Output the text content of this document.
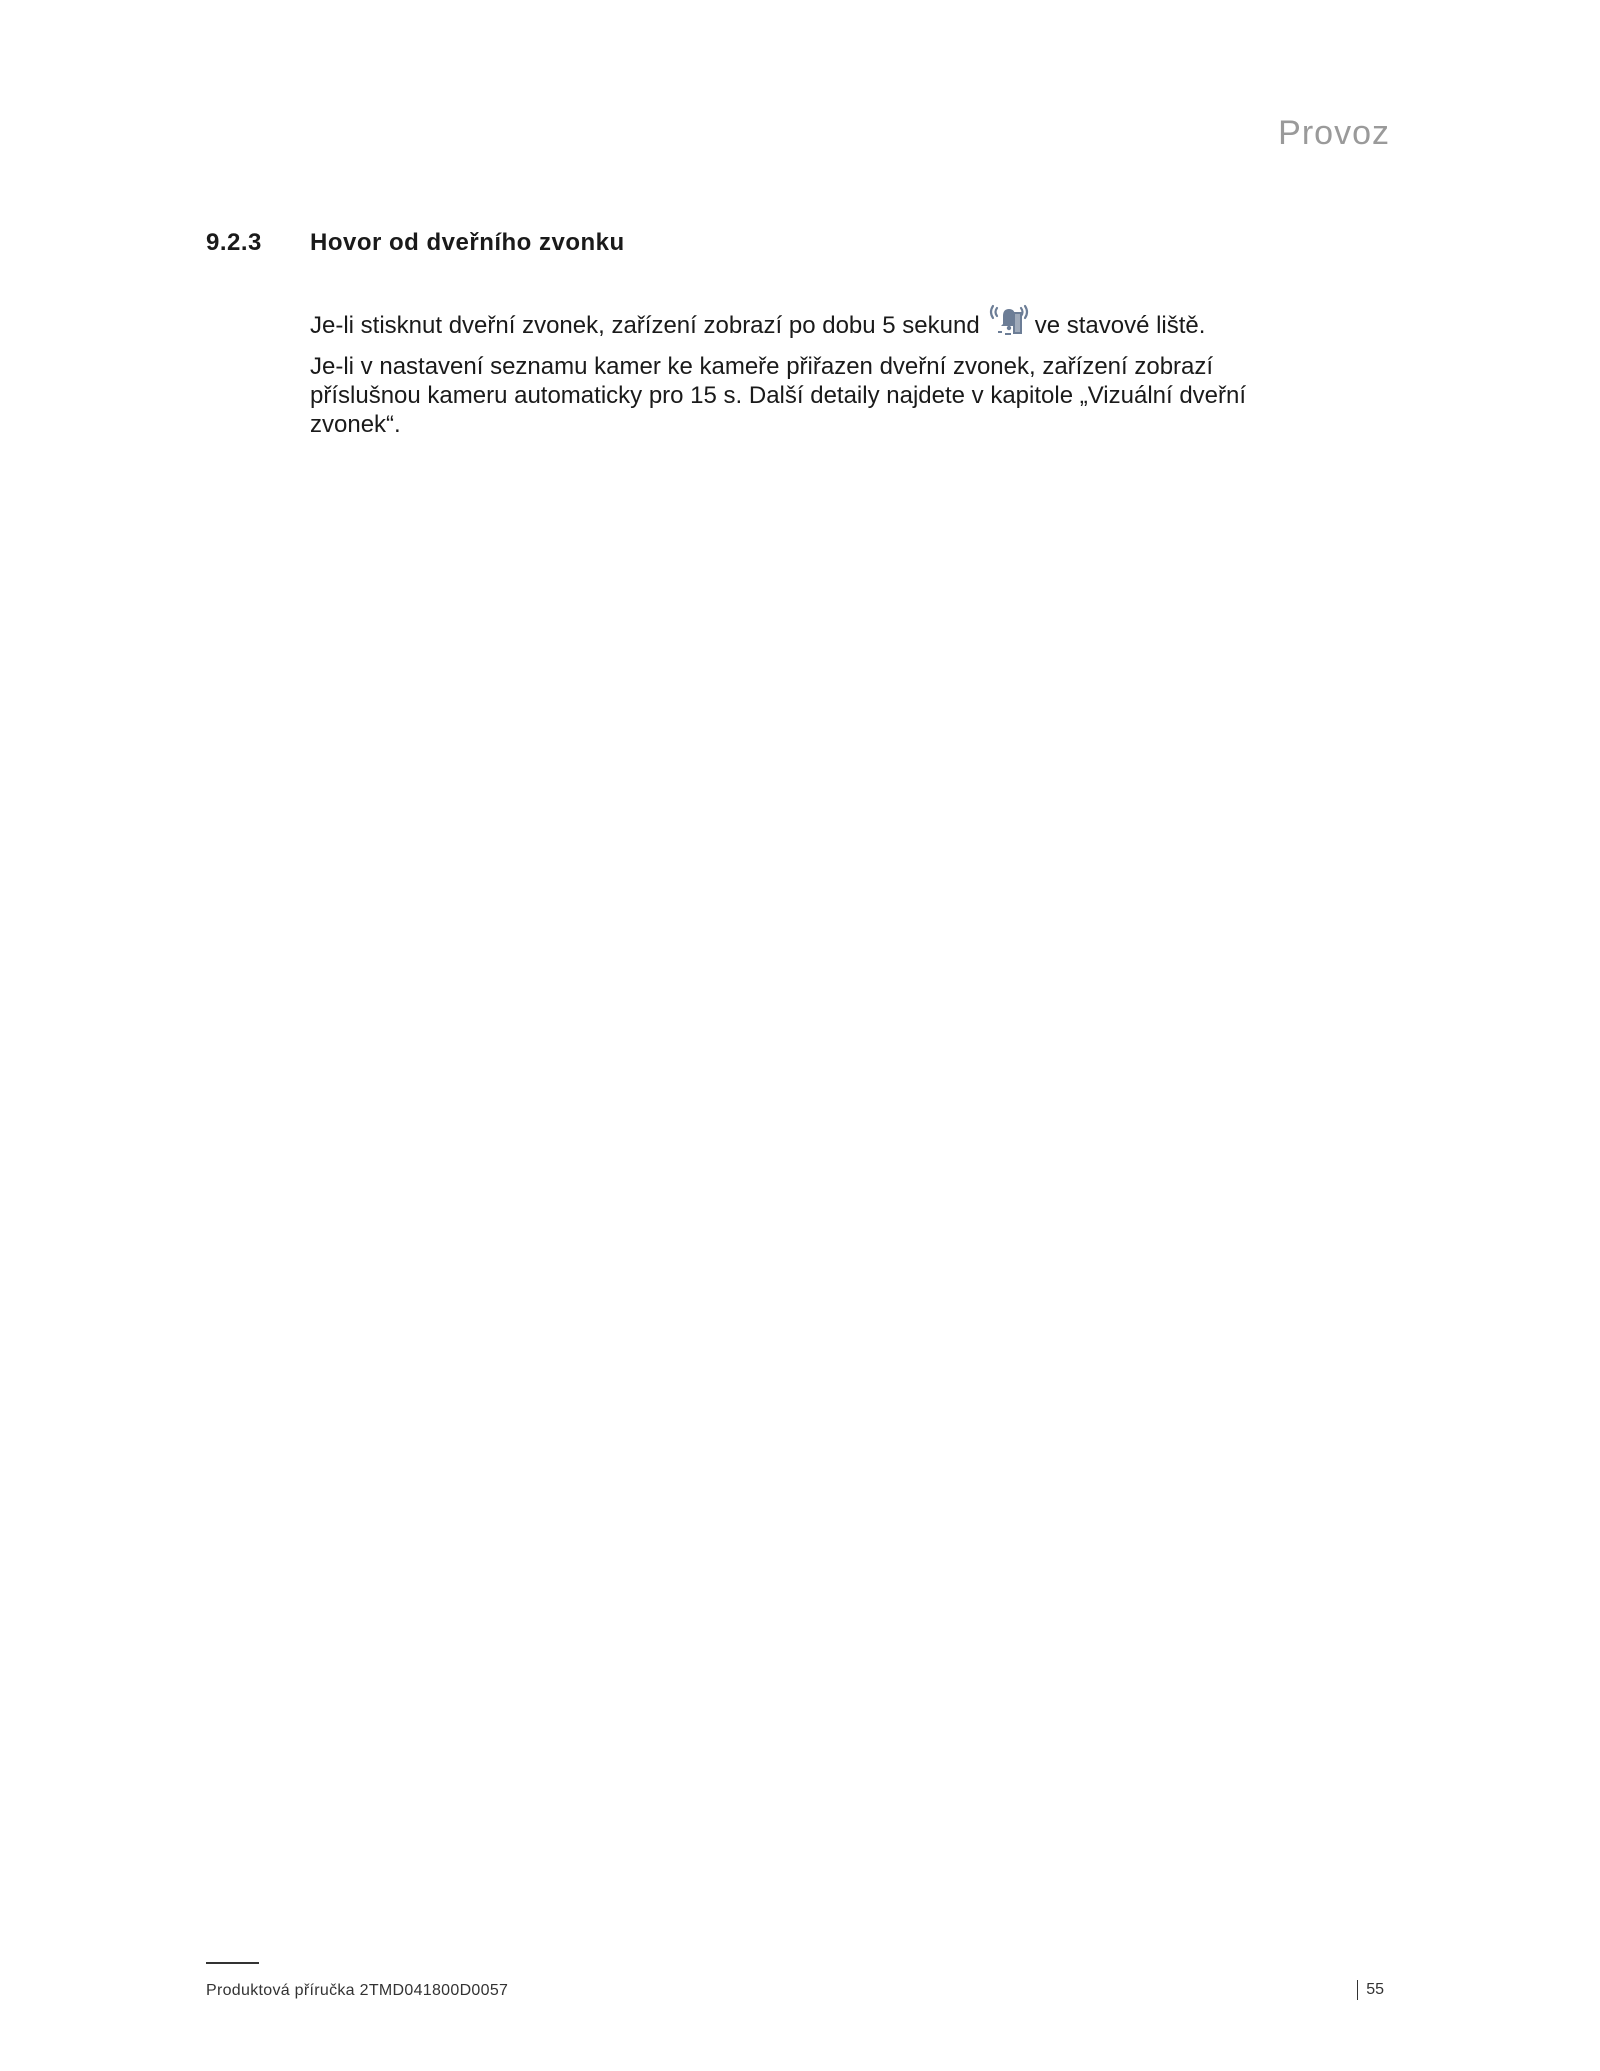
Provoz
9.2.3	Hovor od dveřního zvonku
Je-li stisknut dveřní zvonek, zařízení zobrazí po dobu 5 sekund ve stavové liště.
Je-li v nastavení seznamu kamer ke kameře přiřazen dveřní zvonek, zařízení zobrazí
příslušnou kameru automaticky pro 15 s. Další detaily najdete v kapitole „Vizuální dveřní
zvonek“.
Produktová příručka 2TMD041800D0057	55
